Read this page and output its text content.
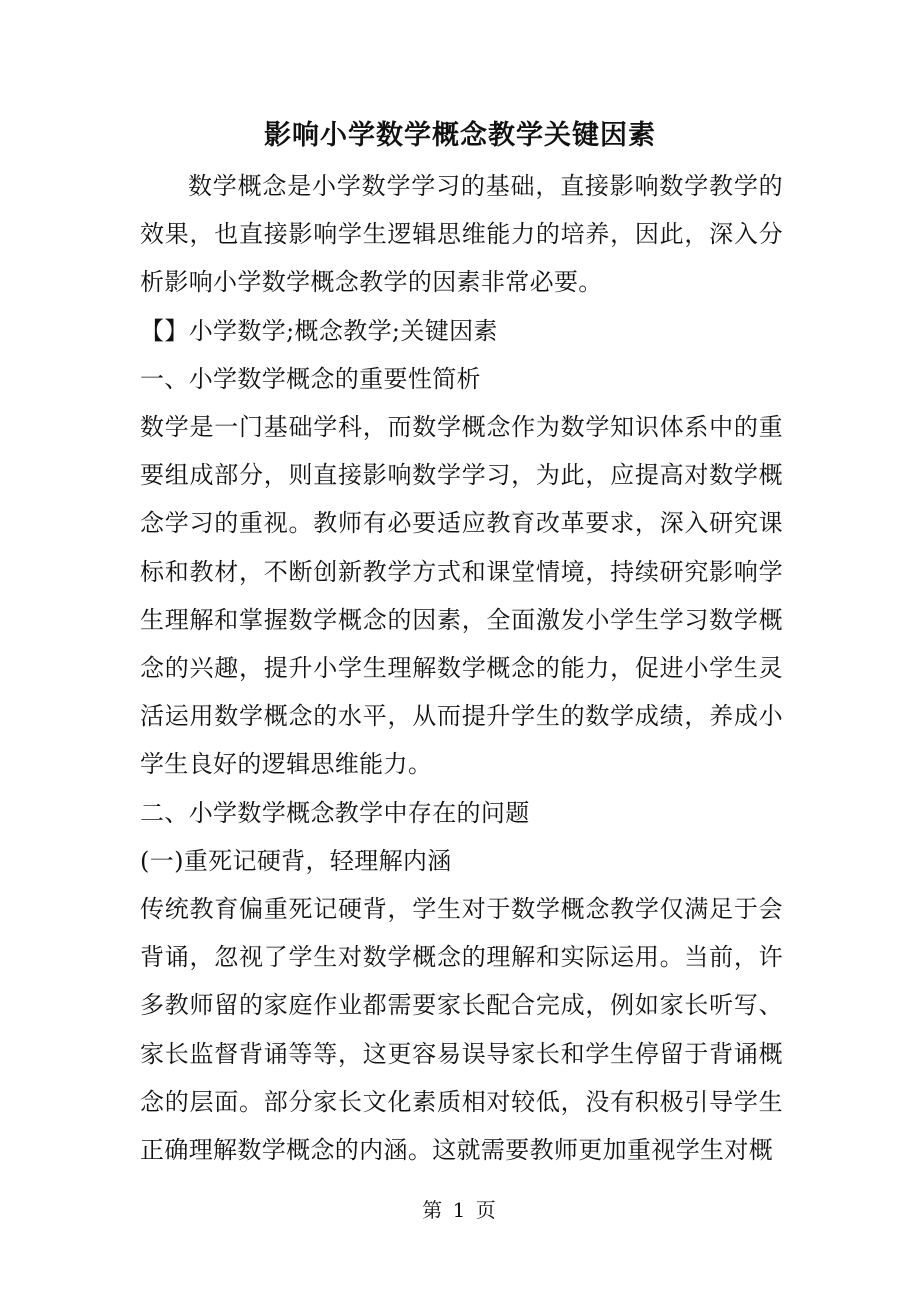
影响小学数学概念教学关键因素

数学概念是小学数学学习的基础，直接影响数学教学的效果，也直接影响学生逻辑思维能力的培养，因此，深入分析影响小学数学概念教学的因素非常必要。

【】小学数学;概念教学;关键因素

一、小学数学概念的重要性简析

数学是一门基础学科，而数学概念作为数学知识体系中的重要组成部分，则直接影响数学学习，为此，应提高对数学概念学习的重视。教师有必要适应教育改革要求，深入研究课标和教材，不断创新教学方式和课堂情境，持续研究影响学生理解和掌握数学概念的因素，全面激发小学生学习数学概念的兴趣，提升小学生理解数学概念的能力，促进小学生灵活运用数学概念的水平，从而提升学生的数学成绩，养成小学生良好的逻辑思维能力。

二、小学数学概念教学中存在的问题

(一)重死记硬背，轻理解内涵

传统教育偏重死记硬背，学生对于数学概念教学仅满足于会背诵，忽视了学生对数学概念的理解和实际运用。当前，许多教师留的家庭作业都需要家长配合完成，例如家长听写、家长监督背诵等等，这更容易误导家长和学生停留于背诵概念的层面。部分家长文化素质相对较低，没有积极引导学生正确理解数学概念的内涵。这就需要教师更加重视学生对概

第 1 页
